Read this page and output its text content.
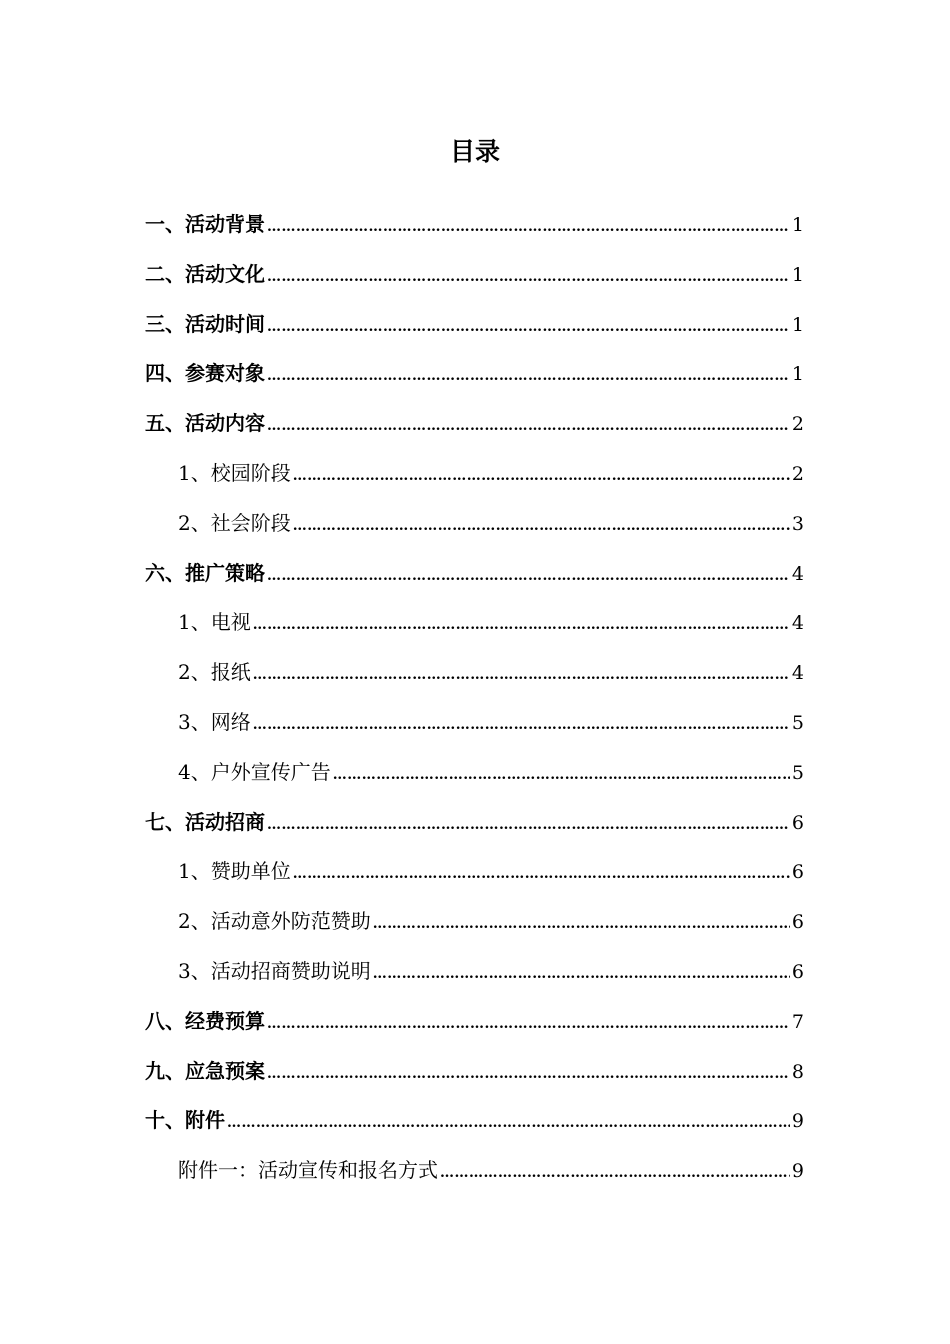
目录
一、活动背景 ……………………………………………………………………………………………………………………………………………………………………………………………………	1
二、活动文化 ……………………………………………………………………………………………………………………………………………………………………………………………………	1
三、活动时间 ……………………………………………………………………………………………………………………………………………………………………………………………………	1
四、参赛对象 ……………………………………………………………………………………………………………………………………………………………………………………………………	1
五、活动内容 ……………………………………………………………………………………………………………………………………………………………………………………………………	2
1、校园阶段 ……………………………………………………………………………………………………………………………………………………………………………………………………	2
2、社会阶段 ……………………………………………………………………………………………………………………………………………………………………………………………………	3
六、推广策略 ……………………………………………………………………………………………………………………………………………………………………………………………………	4
1、电视 ……………………………………………………………………………………………………………………………………………………………………………………………………	4
2、报纸 ……………………………………………………………………………………………………………………………………………………………………………………………………	4
3、网络 ……………………………………………………………………………………………………………………………………………………………………………………………………	5
4、户外宣传广告 ……………………………………………………………………………………………………………………………………………………………………………………………………	5
七、活动招商 ……………………………………………………………………………………………………………………………………………………………………………………………………	6
1、赞助单位 ……………………………………………………………………………………………………………………………………………………………………………………………………	6
2、活动意外防范赞助 ……………………………………………………………………………………………………………………………………………………………………………………………………	6
3、活动招商赞助说明 ……………………………………………………………………………………………………………………………………………………………………………………………………	6
八、经费预算 ……………………………………………………………………………………………………………………………………………………………………………………………………	7
九、应急预案 ……………………………………………………………………………………………………………………………………………………………………………………………………	8
十、附件 ……………………………………………………………………………………………………………………………………………………………………………………………………	9
附件一：活动宣传和报名方式 ……………………………………………………………………………………………………………………………………………………………………………………………………	9
